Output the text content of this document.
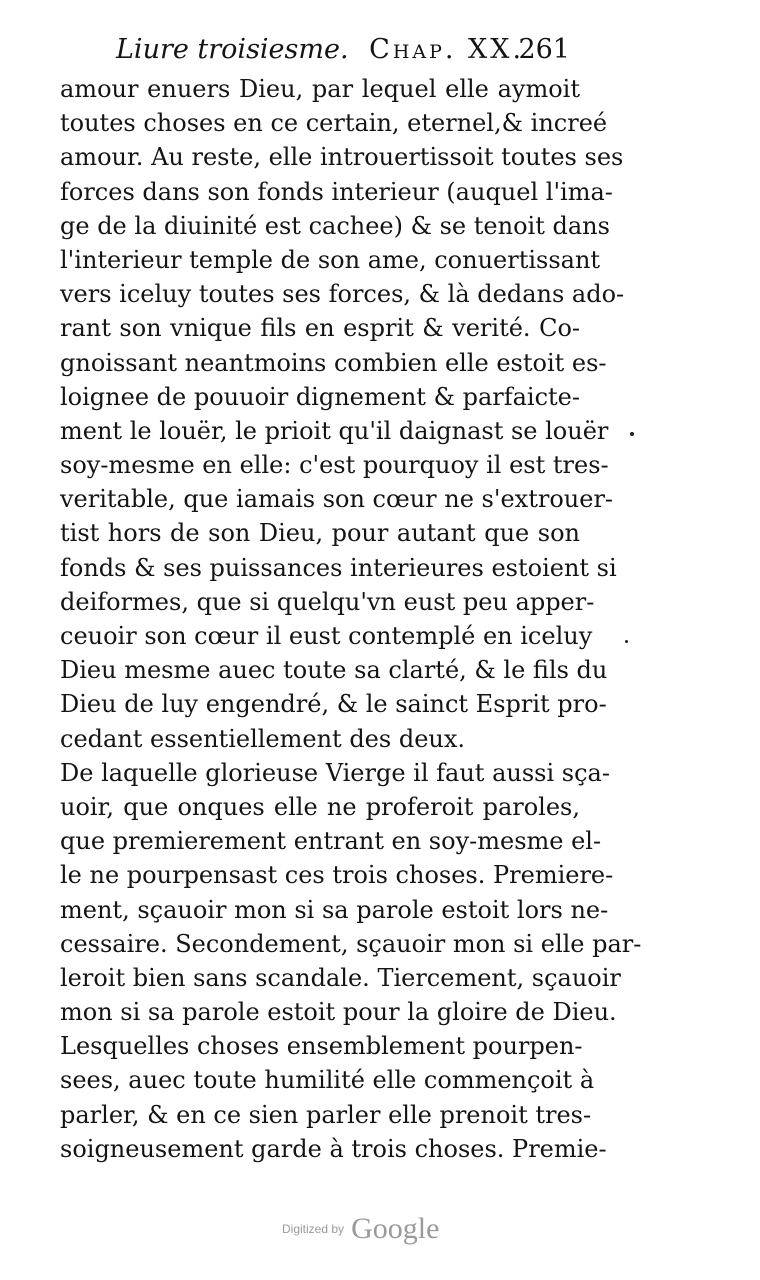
Liure troisiesme. Chap. XX.
261
amour enuers Dieu, par lequel elle aymoit
toutes choses en ce certain, eternel,& increé
amour. Au reste, elle introuertissoit toutes ses
forces dans son fonds interieur (auquel l'ima-
ge de la diuinité est cachee) & se tenoit dans
l'interieur temple de son ame, conuertissant
vers iceluy toutes ses forces, & là dedans ado-
rant son vnique fils en esprit & verité. Co-
gnoissant neantmoins combien elle estoit es-
loignee de pouuoir dignement & parfaicte-
ment le louër, le prioit qu'il daignast se louër
soy-mesme en elle: c'est pourquoy il est tres-
veritable, que iamais son cœur ne s'extrouer-
tist hors de son Dieu, pour autant que son
fonds & ses puissances interieures estoient si
deiformes, que si quelqu'vn eust peu apper-
ceuoir son cœur il eust contemplé en iceluy
Dieu mesme auec toute sa clarté, & le fils du
Dieu de luy engendré, & le sainct Esprit pro-
cedant essentiellement des deux.
De laquelle glorieuse Vierge il faut aussi sça-
uoir, que onques elle ne proferoit paroles,
que premierement entrant en soy-mesme el-
le ne pourpensast ces trois choses. Premiere-
ment, sçauoir mon si sa parole estoit lors ne-
cessaire. Secondement, sçauoir mon si elle par-
leroit bien sans scandale. Tiercement, sçauoir
mon si sa parole estoit pour la gloire de Dieu.
Lesquelles choses ensemblement pourpen-
sees, auec toute humilité elle commençoit à
parler, & en ce sien parler elle prenoit tres-
soigneusement garde à trois choses. Premie-
Digitized by Google
